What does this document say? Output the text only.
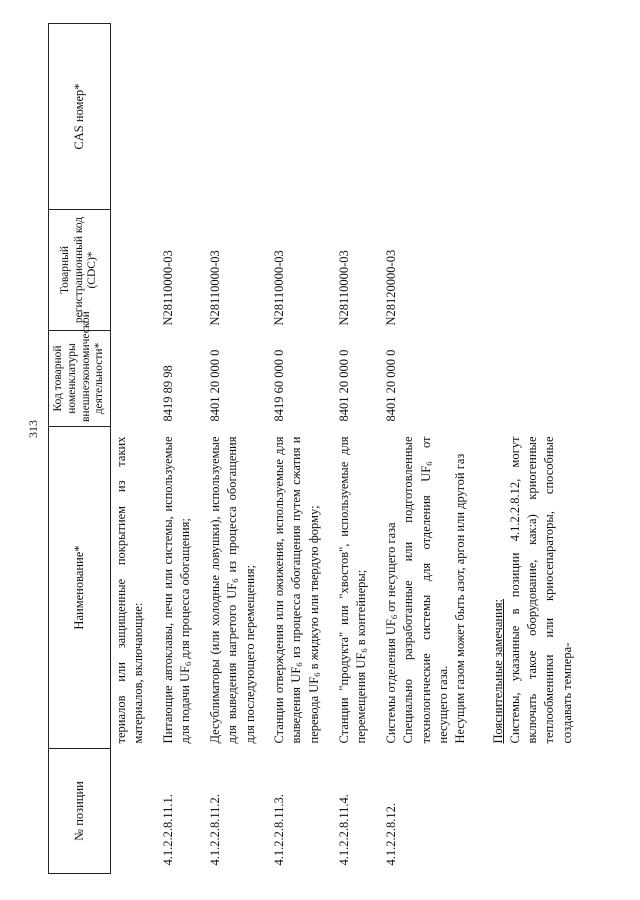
313
№ позиции	Наименование*	Код товарной номенклатуры внешнеэкономической деятельности*	Товарный регистрационный код (CDC)*	CAS номер*
	териалов или защищенные покрытием из таких материалов, включающие:			
4.1.2.2.8.11.1.	Питающие автоклавы, печи или системы, используемые для подачи $UF_6$ для процесса обогащения;	8419 89 98	N28110000-03	
4.1.2.2.8.11.2.	Десублиматоры (или холодные ловушки), используемые для выведения нагретого $UF_6$ из процесса обогащения для последующего перемещения;	8401 20 000 0	N28110000-03	
4.1.2.2.8.11.3.	Станции отверждения или ожижения, используемые для выведения $UF_6$ из процесса обогащения путем сжатия и перевода $UF_6$ в жидкую или твердую форму;	8419 60 000 0	N28110000-03	
4.1.2.2.8.11.4.	Станции "продукта" или "хвостов", используемые для перемещения $UF_6$ в контейнеры;	8401 20 000 0	N28110000-03	
4.1.2.2.8.12.	Системы отделения $UF_6$ от несущего газа Специально разработанные или подготовленные технологические системы для отделения $UF_6$ от несущего газа. Несущим газом может быть азот, аргон или другой газ	8401 20 000 0	N28120000-03	

	Пояснительные замечания: Системы, указанные в позиции 4.1.2.2.8.12, могут включать такое оборудование, как:а) криогенные теплообменники или криосепараторы, способные создавать темпера-			
